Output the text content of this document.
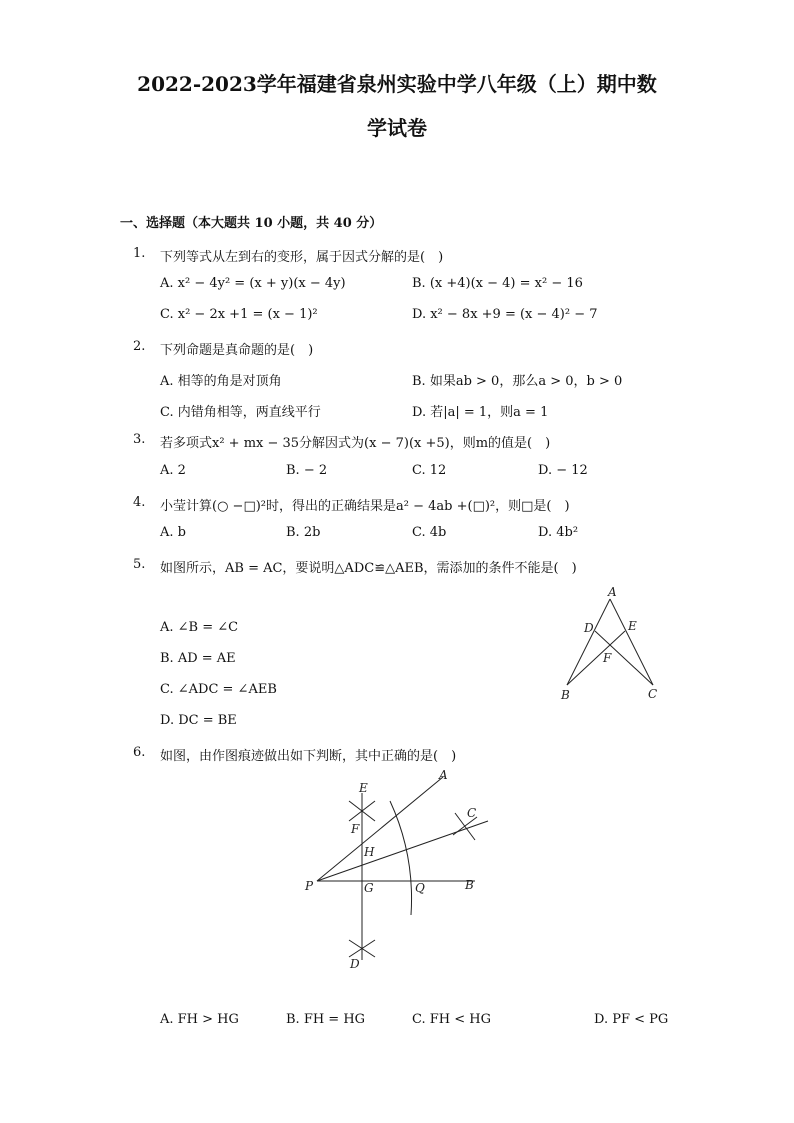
2022-2023学年福建省泉州实验中学八年级（上）期中数
学试卷
一、选择题（本大题共 10 小题，共 40 分）
1. 下列等式从左到右的变形，属于因式分解的是(　)
A. x² − 4y² = (x + y)(x − 4y)	B. (x +4)(x − 4) = x² − 16
C. x² − 2x +1 = (x − 1)²	D. x² − 8x +9 = (x − 4)² − 7
2. 下列命题是真命题的是(　)
A. 相等的角是对顶角	B. 如果ab > 0，那么a > 0，b > 0
C. 内错角相等，两直线平行	D. 若|a| = 1，则a = 1
3. 若多项式x² + mx − 35分解因式为(x − 7)(x +5)，则m的值是(　)
A. 2	B. − 2	C. 12	D. − 12
4. 小莹计算(○ −□)²时，得出的正确结果是a² − 4ab +(□)²，则□是(　)
A. b	B. 2b	C. 4b	D. 4b²
5. 如图所示，AB = AC，要说明△ADC≌△AEB，需添加的条件不能是(　)
A. ∠B = ∠C
B. AD = AE
C. ∠ADC = ∠AEB
D. DC = BE
A
D	E
F
B	C
6. 如图，由作图痕迹做出如下判断，其中正确的是(　)
E
A
C
F
H
P	G	Q	B
D
A. FH > HG	B. FH = HG	C. FH < HG	D. PF < PG
